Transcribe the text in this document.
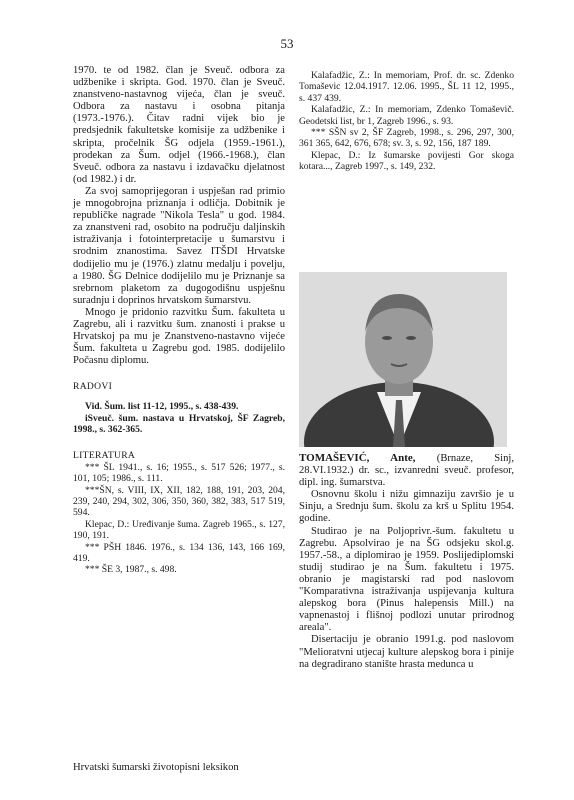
53

1970. te od 1982. član je Sveuč. odbora za udžbenike i skripta. God. 1970. član je Sveuč. znanstveno-nastavnog vijeća, član je sveuč. Odbora za nastavu i osobna pitanja (1973.-1976.). Čitav radni vijek bio je predsjednik fakultetske komisije za udžbenike i skripta, pročelnik ŠG odjela (1959.-1961.), prodekan za Šum. odjel (1966.-1968.), član Sveuč. odbora za nastavu i izdavačku djelatnost (od 1982.) i dr.

Za svoj samoprijegoran i uspješan rad primio je mnogobrojna priznanja i odličja. Dobitnik je republičke nagrade "Nikola Tesla" u god. 1984. za znanstveni rad, osobito na području daljinskih istraživanja i fotointerpretacije u šumarstvu i srodnim znanostima. Savez ITŠDI Hrvatske dodijelio mu je (1976.) zlatnu medalju i povelju, a 1980. ŠG Delnice dodijelilo mu je Priznanje sa srebrnom plaketom za dugogodišnu uspješnu suradnju i doprinos hrvatskom šumarstvu.

Mnogo je pridonio razvitku Šum. fakulteta u Zagrebu, ali i razvitku šum. znanosti i prakse u Hrvatskoj pa mu je Znanstveno-nastavno vijeće Šum. fakulteta u Zagrebu god. 1985. dodijelilo Počasnu diplomu.

RADOVI

Vid. Šum. list 11-12, 1995., s. 438-439.

iSveuč. šum. nastava u Hrvatskoj, ŠF Zagreb, 1998., s. 362-365.

LITERATURA

*** ŠL 1941., s. 16; 1955., s. 517 526; 1977., s. 101, 105; 1986., s. 111.

***ŠN, s. VIII, IX, XII, 182, 188, 191, 203, 204, 239, 240, 294, 302, 306, 350, 360, 382, 383, 517 519, 594.

Klepac, D.: Uređivanje šuma. Zagreb 1965., s. 127, 190, 191.

*** PŠH 1846. 1976., s. 134 136, 143, 166 169, 419.

*** ŠE 3, 1987., s. 498.

Kalafadžic, Z.: In memoriam, Prof. dr. sc. Zdenko Tomaševic 12.04.1917. 12.06. 1995., ŠL 11 12, 1995., s. 437 439.

Kalafadžic, Z.: In memoriam, Zdenko Tomaševič. Geodetski list, br 1, Zagreb 1996., s. 93.

*** SŠN sv 2, ŠF Zagreb, 1998., s. 296, 297, 300, 361 365, 642, 676, 678; sv. 3, s. 92, 156, 187 189.

Klepac, D.: Iz šumarske povijesti Gor skoga kotara..., Zagreb 1997., s. 149, 232.

TOMAŠEVIĆ, Ante, (Brnaze, Sinj, 28.VI.1932.) dr. sc., izvanredni sveuč. profesor, dipl. ing. šumarstva.

Osnovnu školu i nižu gimnaziju završio je u Sinju, a Srednju šum. školu za krš u Splitu 1954. godine.

Studirao je na Poljoprivr.-šum. fakultetu u Zagrebu. Apsolvirao je na ŠG odsjeku skol.g. 1957.-58., a diplomirao je 1959. Poslijediplomski studij studirao je na Šum. fakultetu i 1975. obranio je magistarski rad pod naslovom "Komparativna istraživanja uspijevanja kultura alepskog bora (Pinus halepensis Mill.) na vapnenastoj i flišnoj podlozi unutar prirodnog areala".

Disertaciju je obranio 1991.g. pod naslovom "Melioratvni utjecaj kulture alepskog bora i pinije na degradirano stanište hrasta medunca u

Hrvatski šumarski životopisni leksikon
